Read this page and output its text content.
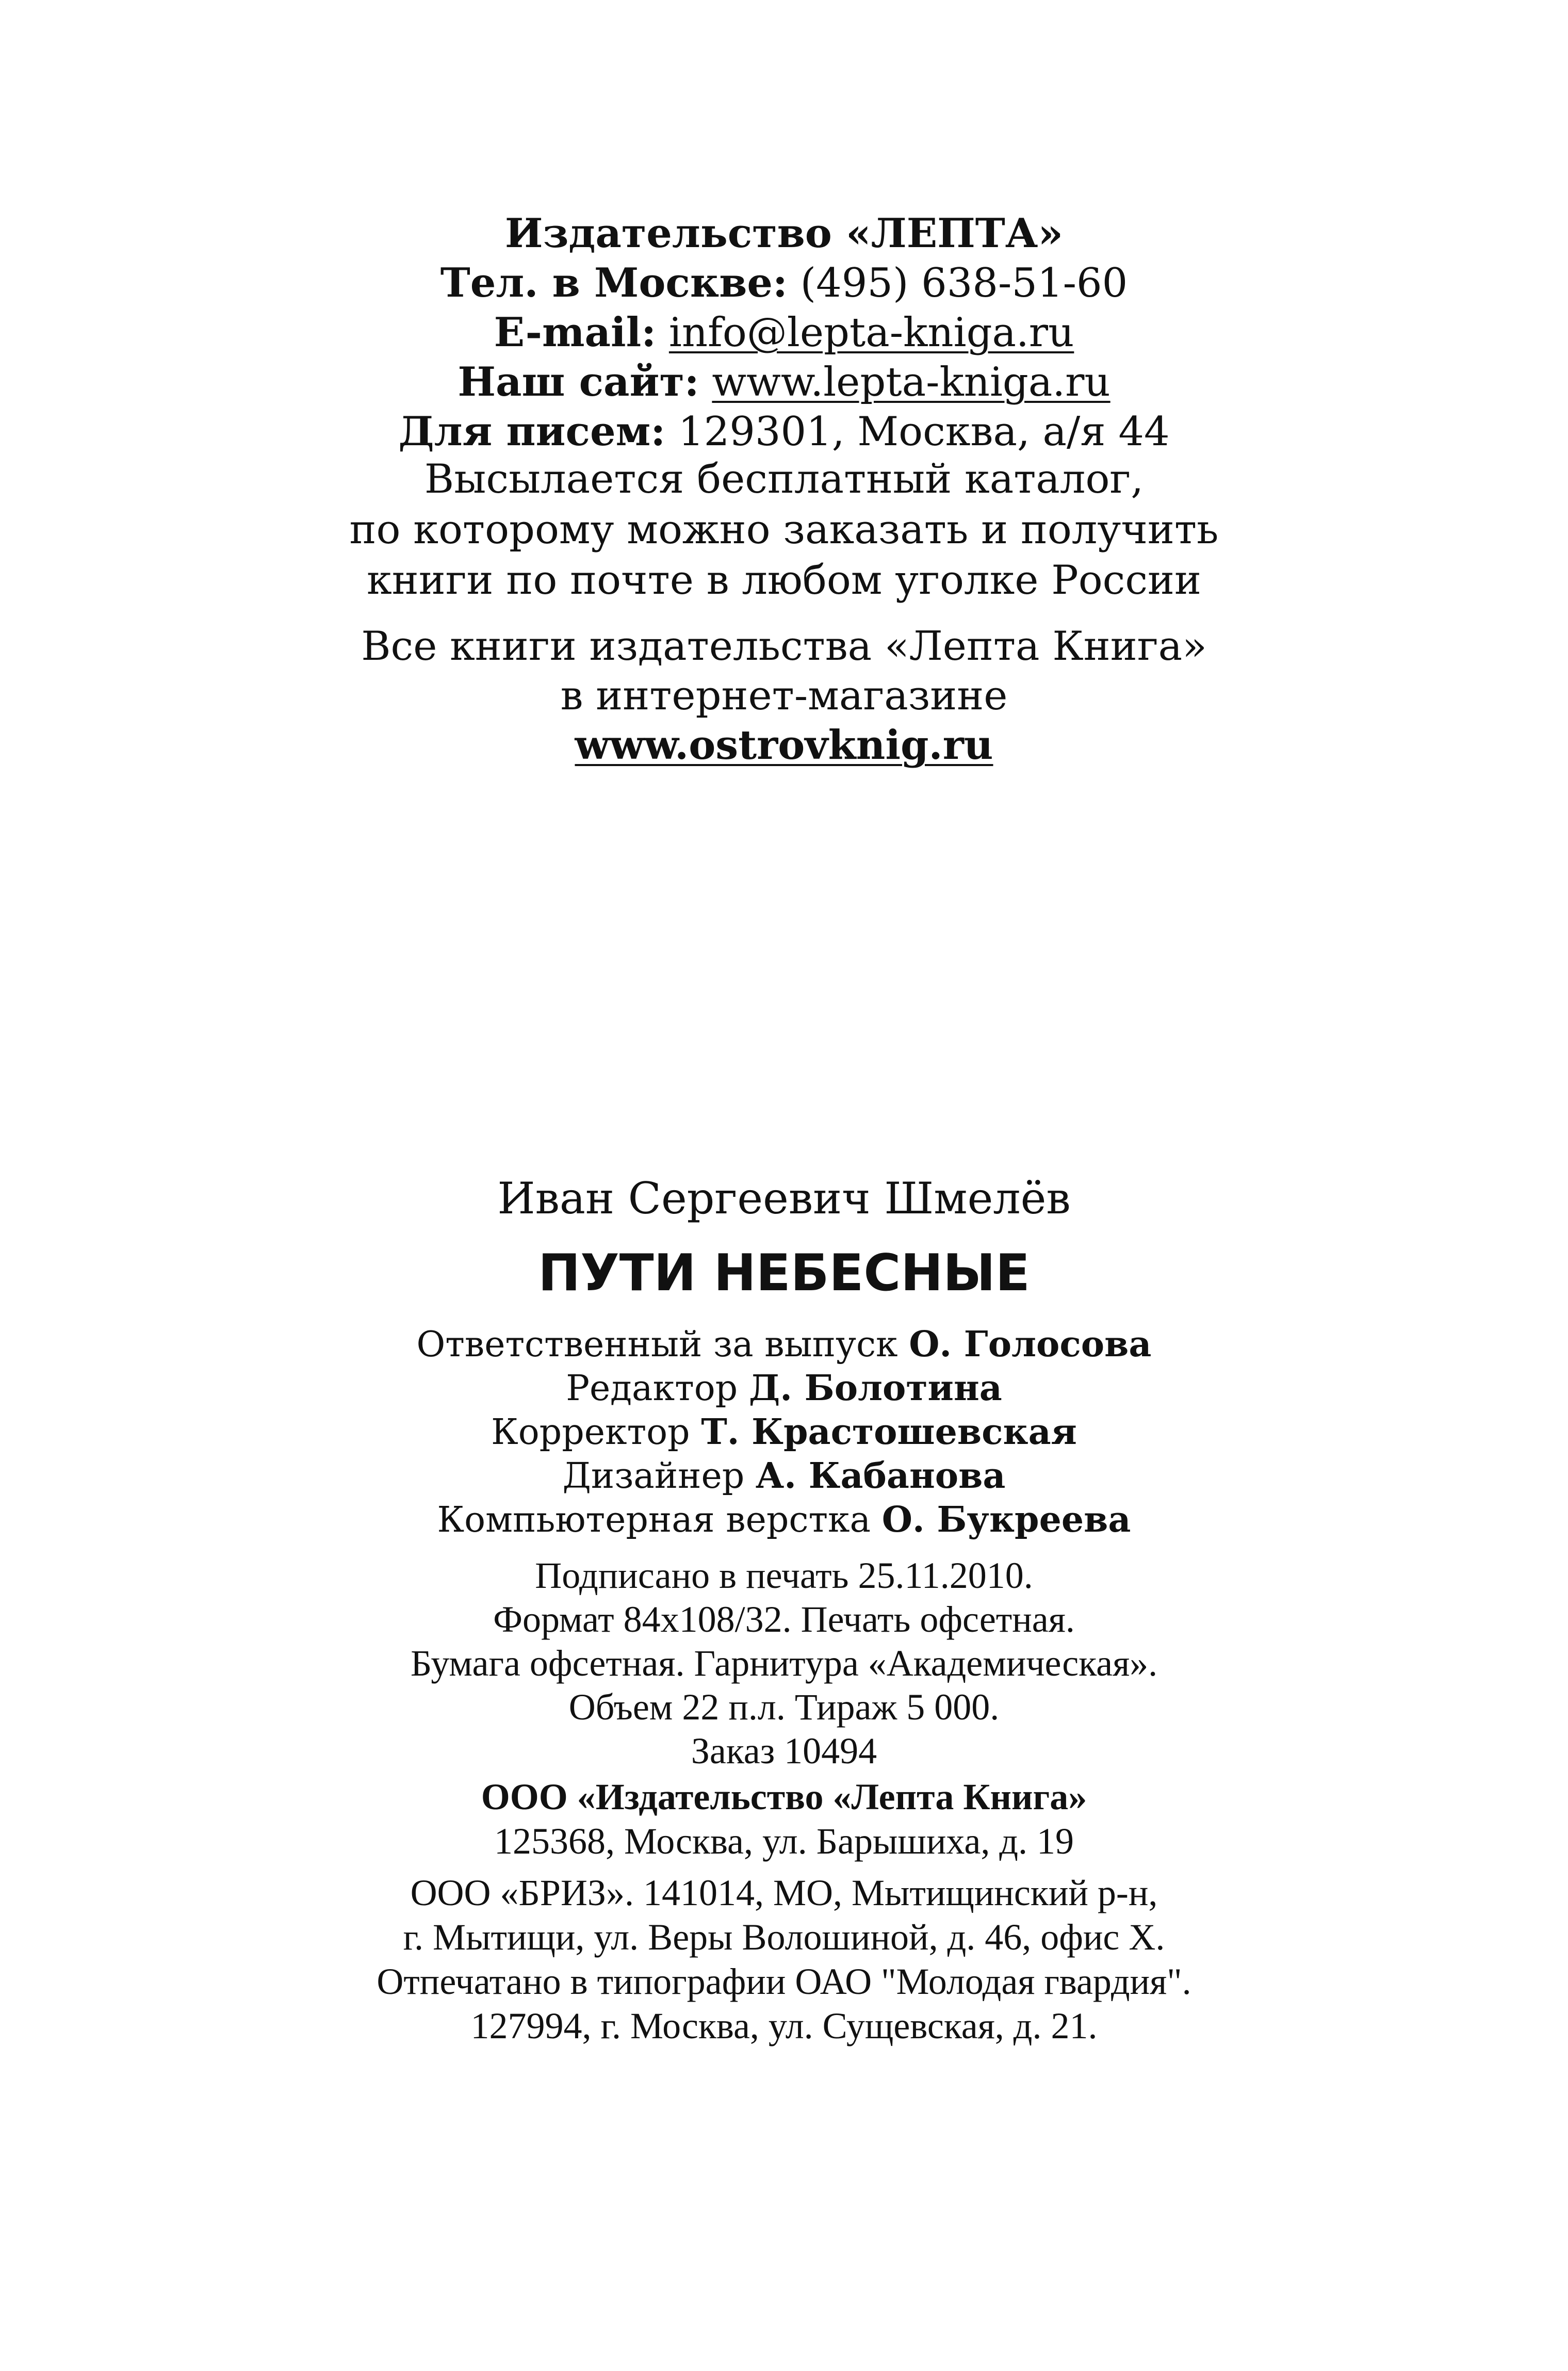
Издательство «ЛЕПТА»
Тел. в Москве: (495) 638-51-60
E-mail: info@lepta-kniga.ru
Наш сайт: www.lepta-kniga.ru
Для писем: 129301, Москва, а/я 44
Высылается бесплатный каталог,
по которому можно заказать и получить
книги по почте в любом уголке России
Все книги издательства «Лепта Книга»
в интернет-магазине
www.ostrovknig.ru
Иван Сергеевич Шмелёв
ПУТИ НЕБЕСНЫЕ
Ответственный за выпуск О. Голосова
Редактор Д. Болотина
Корректор Т. Крастошевская
Дизайнер А. Кабанова
Компьютерная верстка О. Букреева
Подписано в печать 25.11.2010.
Формат 84x108/32. Печать офсетная.
Бумага офсетная. Гарнитура «Академическая».
Объем 22 п.л. Тираж 5 000.
Заказ 10494
ООО «Издательство «Лепта Книга»
125368, Москва, ул. Барышиха, д. 19
ООО «БРИЗ». 141014, МО, Мытищинский р-н,
г. Мытищи, ул. Веры Волошиной, д. 46, офис X.
Отпечатано в типографии ОАО "Молодая гвардия".
127994, г. Москва, ул. Сущевская, д. 21.
